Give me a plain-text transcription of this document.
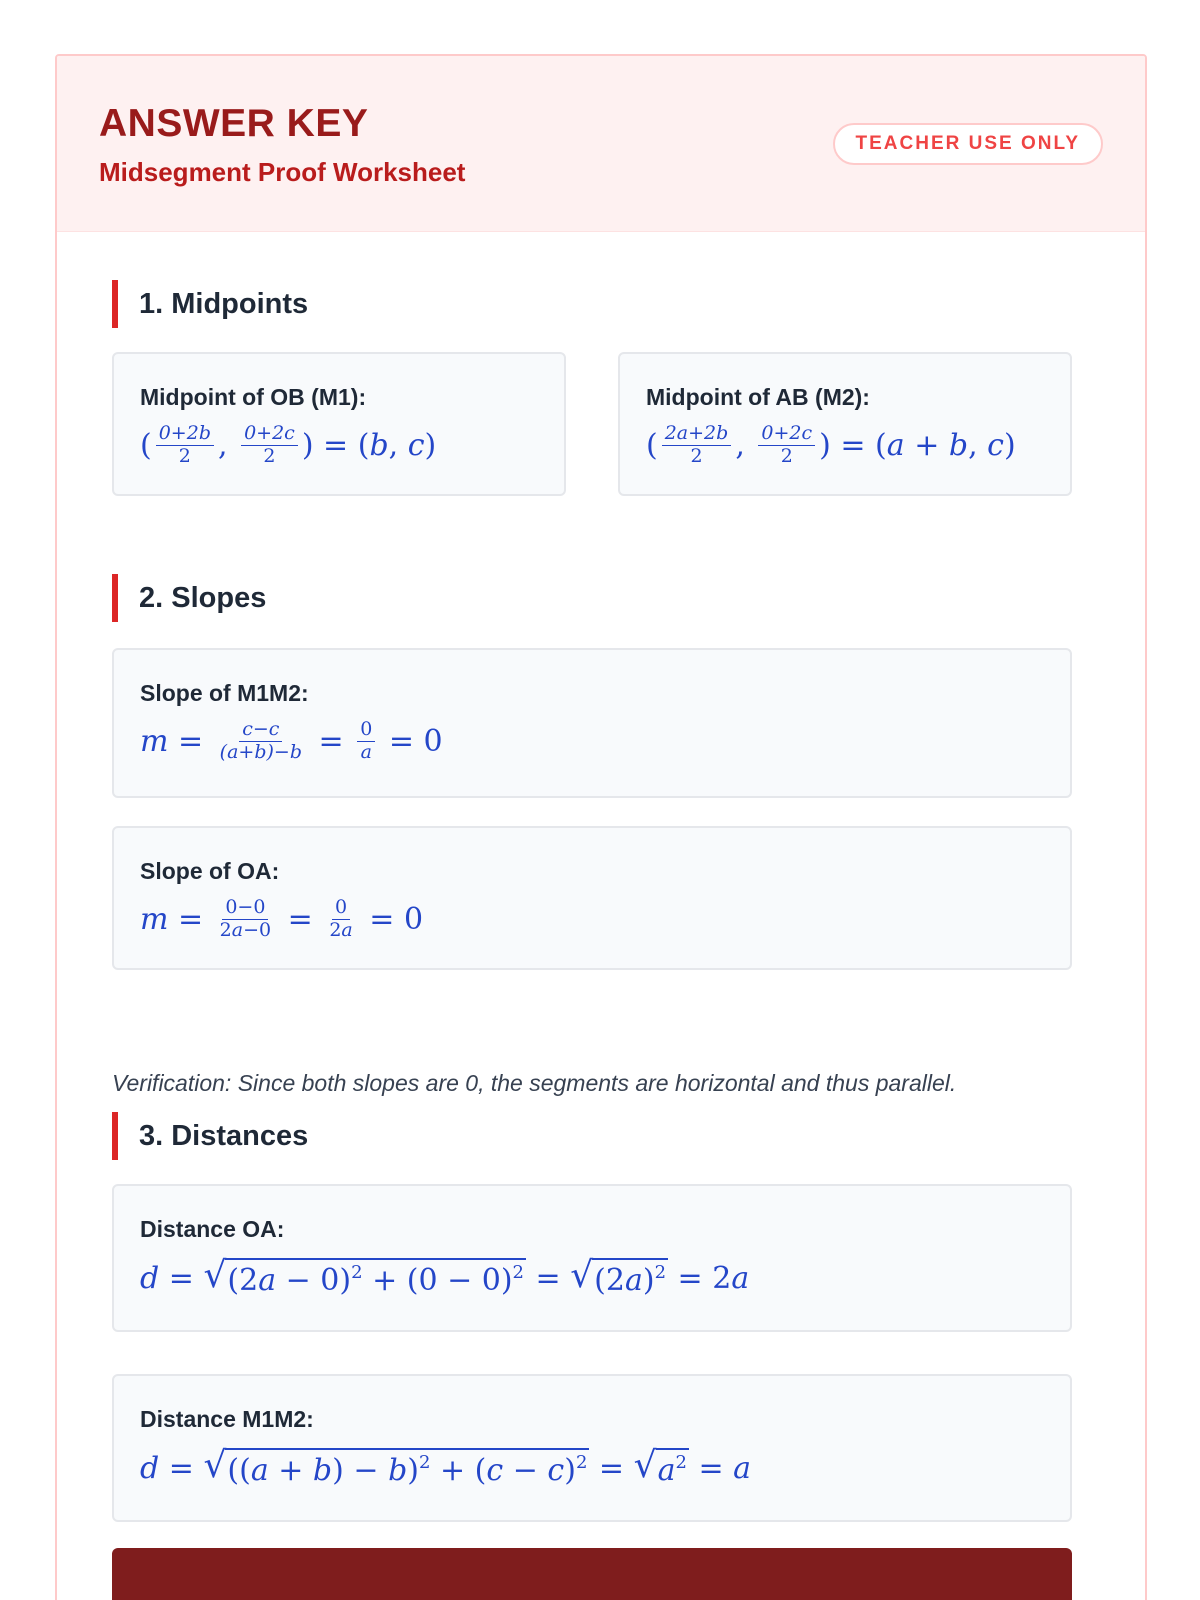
ANSWER KEY
Midsegment Proof Worksheet
TEACHER USE ONLY
1. Midpoints
Midpoint of OB (M1):
( $\frac{0+2b}{2}$ , $\frac{0+2c}{2}$ ) = ( b , c )
Midpoint of AB (M2):
( $\frac{2a+2b}{2}$ , $\frac{0+2c}{2}$ ) = ( a + b , c )
2. Slopes
Slope of M1M2:
$m = \frac{c-c}{(a+b)-b} = \frac{0}{a} = 0$
Slope of OA:
$m = \frac{0-0}{2a-0} = \frac{0}{2a} = 0$
Verification: Since both slopes are 0, the segments are horizontal and thus parallel.
3. Distances
Distance OA:
d = √ $(2a - 0)^2 + (0 - 0)^2$ = √ $(2a)^2 = 2$ a
Distance M1M2:
d = √ $((a + b) - b)^2 + (c - c)^2$ = √ $a^2 = a$
